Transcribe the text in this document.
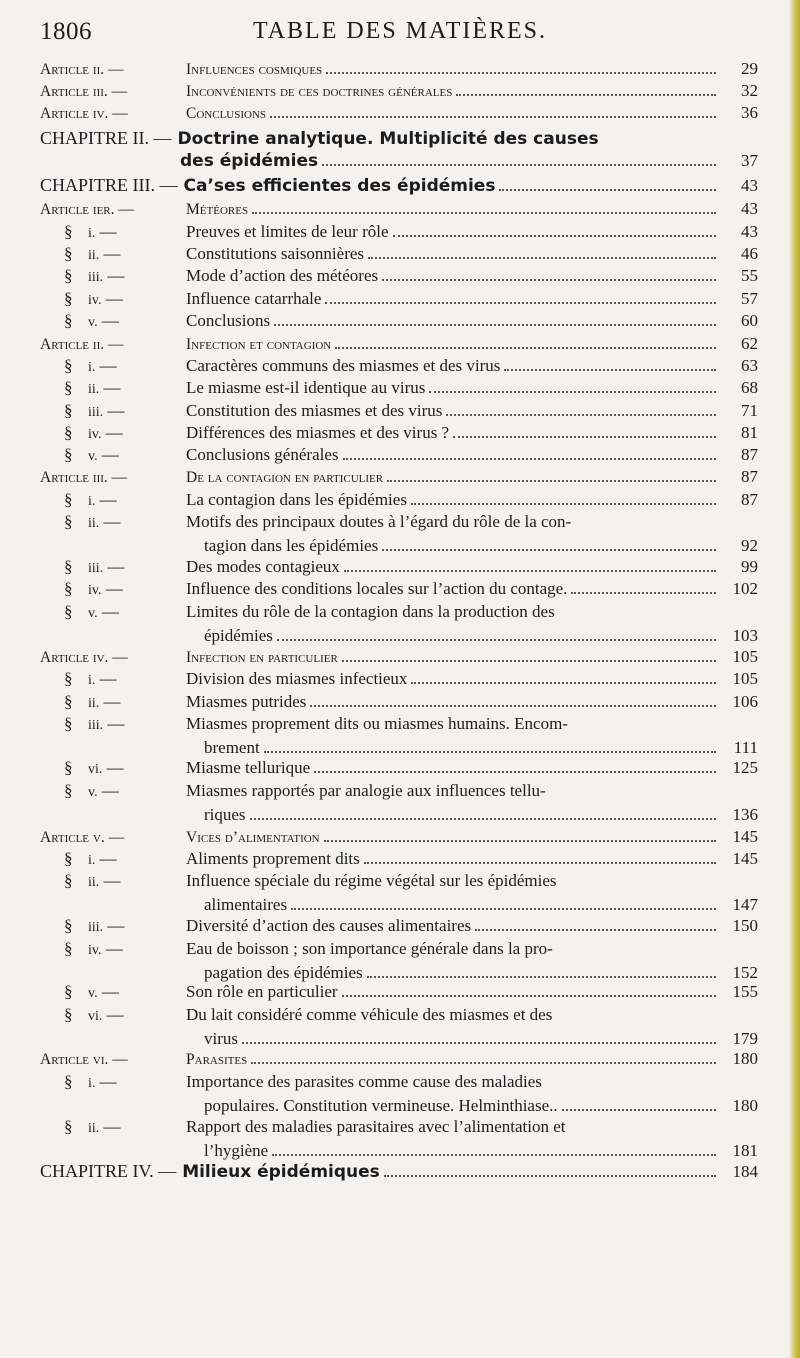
1806	TABLE DES MATIÈRES.
Article ii. —	Influences cosmiques	29
Article iii. —	Inconvénients de ces doctrines générales	32
Article iv. —	Conclusions	36
CHAPITRE II. — Doctrine analytique. Multiplicité des causes
des épidémies	37
CHAPITRE III. — Ca’ses efficientes des épidémies	43
Article ier. —	Météores	43
§ i. —	Preuves et limites de leur rôle	43
§ ii. —	Constitutions saisonnières	46
§ iii. —	Mode d’action des météores	55
§ iv. —	Influence catarrhale	57
§ v. —	Conclusions	60
Article ii. —	Infection et contagion	62
§ i. —	Caractères communs des miasmes et des virus	63
§ ii. —	Le miasme est-il identique au virus	68
§ iii. —	Constitution des miasmes et des virus	71
§ iv. —	Différences des miasmes et des virus ?	81
§ v. —	Conclusions générales	87
Article iii. —	De la contagion en particulier	87
§ i. —	La contagion dans les épidémies	87
§ ii. —	Motifs des principaux doutes à l’égard du rôle de la con-
tagion dans les épidémies	92
§ iii. —	Des modes contagieux	99
§ iv. —	Influence des conditions locales sur l’action du contage.	102
§ v. —	Limites du rôle de la contagion dans la production des
épidémies	103
Article iv. —	Infection en particulier	105
§ i. —	Division des miasmes infectieux	105
§ ii. —	Miasmes putrides	106
§ iii. —	Miasmes proprement dits ou miasmes humains. Encom-
brement	111
§ vi. —	Miasme tellurique	125
§ v. —	Miasmes rapportés par analogie aux influences tellu-
riques	136
Article v. —	Vices d’alimentation	145
§ i. —	Aliments proprement dits	145
§ ii. —	Influence spéciale du régime végétal sur les épidémies
alimentaires	147
§ iii. —	Diversité d’action des causes alimentaires	150
§ iv. —	Eau de boisson ; son importance générale dans la pro-
pagation des épidémies	152
§ v. —	Son rôle en particulier	155
§ vi. —	Du lait considéré comme véhicule des miasmes et des
virus	179
Article vi. —	Parasites	180
§ i. —	Importance des parasites comme cause des maladies
populaires. Constitution vermineuse. Helminthiase..	180
§ ii. —	Rapport des maladies parasitaires avec l’alimentation et
l’hygiène	181
CHAPITRE IV. — Milieux épidémiques	184
